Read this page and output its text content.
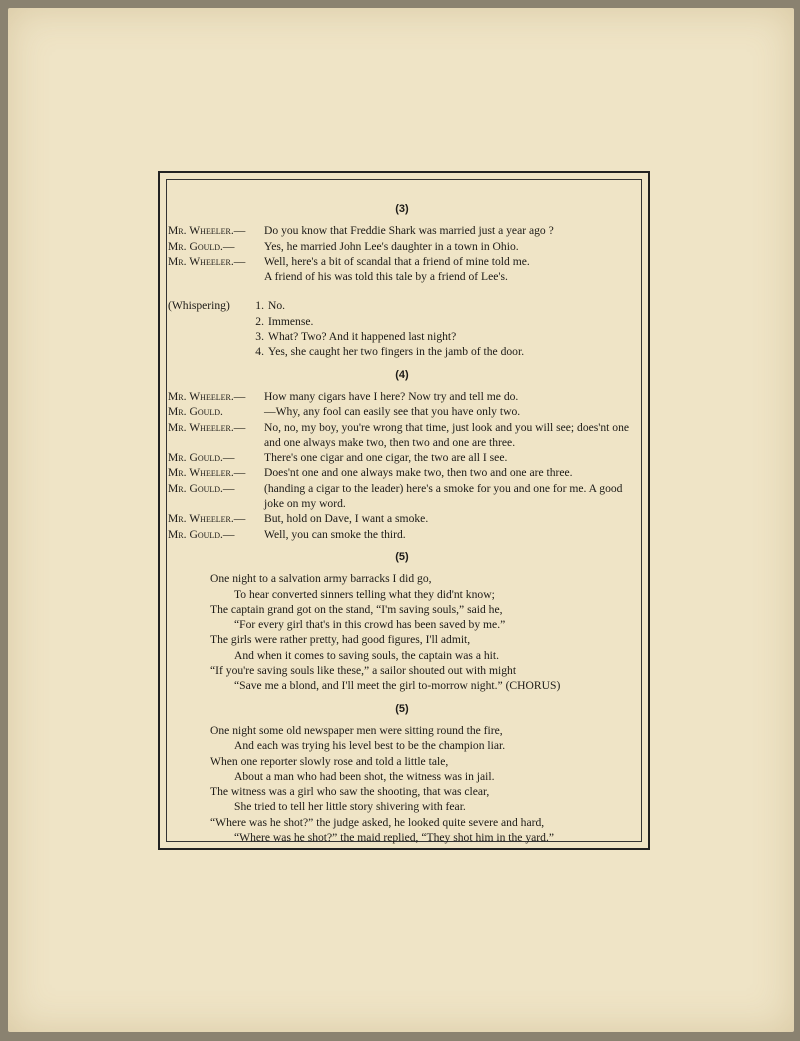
(3)
Mr. Wheeler.—	Do you know that Freddie Shark was married just a year ago ?
Mr. Gould.—	Yes, he married John Lee's daughter in a town in Ohio.
Mr. Wheeler.—	Well, here's a bit of scandal that a friend of mine told me.
A friend of his was told this tale by a friend of Lee's.
(Whispering)	1. No.
2. Immense.
3. What? Two? And it happened last night?
4. Yes, she caught her two fingers in the jamb of the door.
(4)
Mr. Wheeler.—	How many cigars have I here? Now try and tell me do.
Mr. Gould.	—Why, any fool can easily see that you have only two.
Mr. Wheeler.—	No, no, my boy, you're wrong that time, just look and you will see; does'nt one and one always make two, then two and one are three.
Mr. Gould.—	There's one cigar and one cigar, the two are all I see.
Mr. Wheeler.—	Does'nt one and one always make two, then two and one are three.
Mr. Gould.—	(handing a cigar to the leader) here's a smoke for you and one for me. A good joke on my word.
Mr. Wheeler.—	But, hold on Dave, I want a smoke.
Mr. Gould.—	Well, you can smoke the third.
(5)

One night to a salvation army barracks I did go,

To hear converted sinners telling what they did'nt know;

The captain grand got on the stand, “I'm saving souls,” said he,

“For every girl that's in this crowd has been saved by me.”

The girls were rather pretty, had good figures, I'll admit,

And when it comes to saving souls, the captain was a hit.

“If you're saving souls like these,” a sailor shouted out with might

“Save me a blond, and I'll meet the girl to-morrow night.” (CHORUS)

(5)

One night some old newspaper men were sitting round the fire,

And each was trying his level best to be the champion liar.

When one reporter slowly rose and told a little tale,

About a man who had been shot, the witness was in jail.

The witness was a girl who saw the shooting, that was clear,

She tried to tell her little story shivering with fear.

“Where was he shot?” the judge asked, he looked quite severe and hard,

“Where was he shot?” the maid replied, “They shot him in the yard.”
